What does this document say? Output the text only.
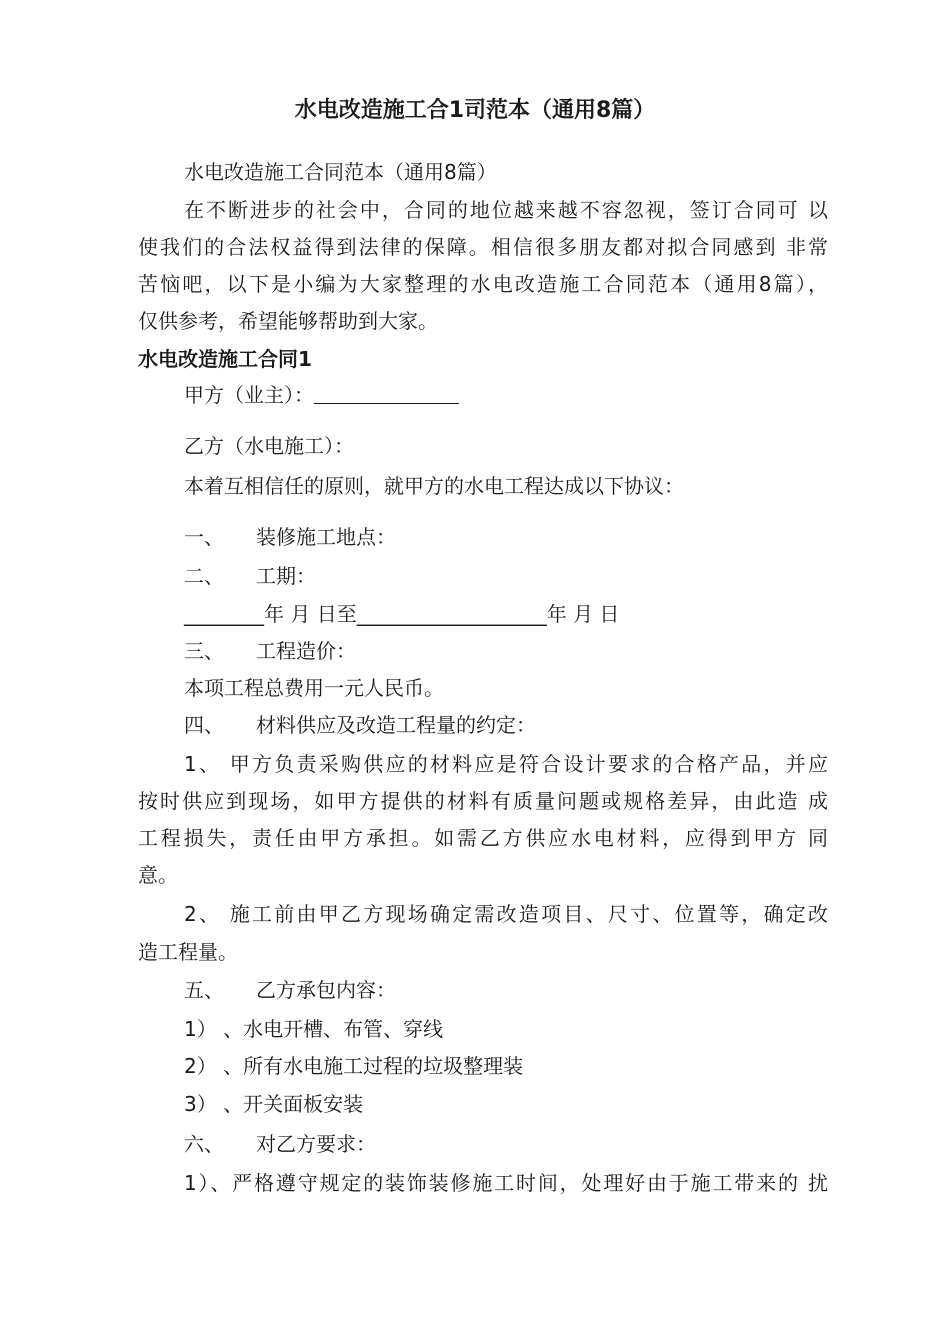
水电改造施工合1司范本（通用8篇）
水电改造施工合同范本（通用8篇）
在不断进步的社会中，合同的地位越来越不容忽视，签订合同可 以
使我们的合法权益得到法律的保障。相信很多朋友都对拟合同感到 非常
苦恼吧，以下是小编为大家整理的水电改造施工合同范本（通用8篇），
仅供参考，希望能够帮助到大家。
水电改造施工合同1
甲方（业主）：
乙方（水电施工）：
本着互相信任的原则，就甲方的水电工程达成以下协议：
一、 装修施工地点：
二、 工期：
________年 月 日至___________________年 月 日
三、 工程造价：
本项工程总费用一元人民币。
四、 材料供应及改造工程量的约定：
1、 甲方负责采购供应的材料应是符合设计要求的合格产品，并应
按时供应到现场，如甲方提供的材料有质量问题或规格差异，由此造 成
工程损失，责任由甲方承担。如需乙方供应水电材料，应得到甲方 同
意。
2、 施工前由甲乙方现场确定需改造项目、尺寸、位置等，确定改
造工程量。
五、 乙方承包内容：
1） 、水电开槽、布管、穿线
2） 、所有水电施工过程的垃圾整理装
3） 、开关面板安装
六、 对乙方要求：
1）、严格遵守规定的装饰装修施工时间，处理好由于施工带来的 扰
